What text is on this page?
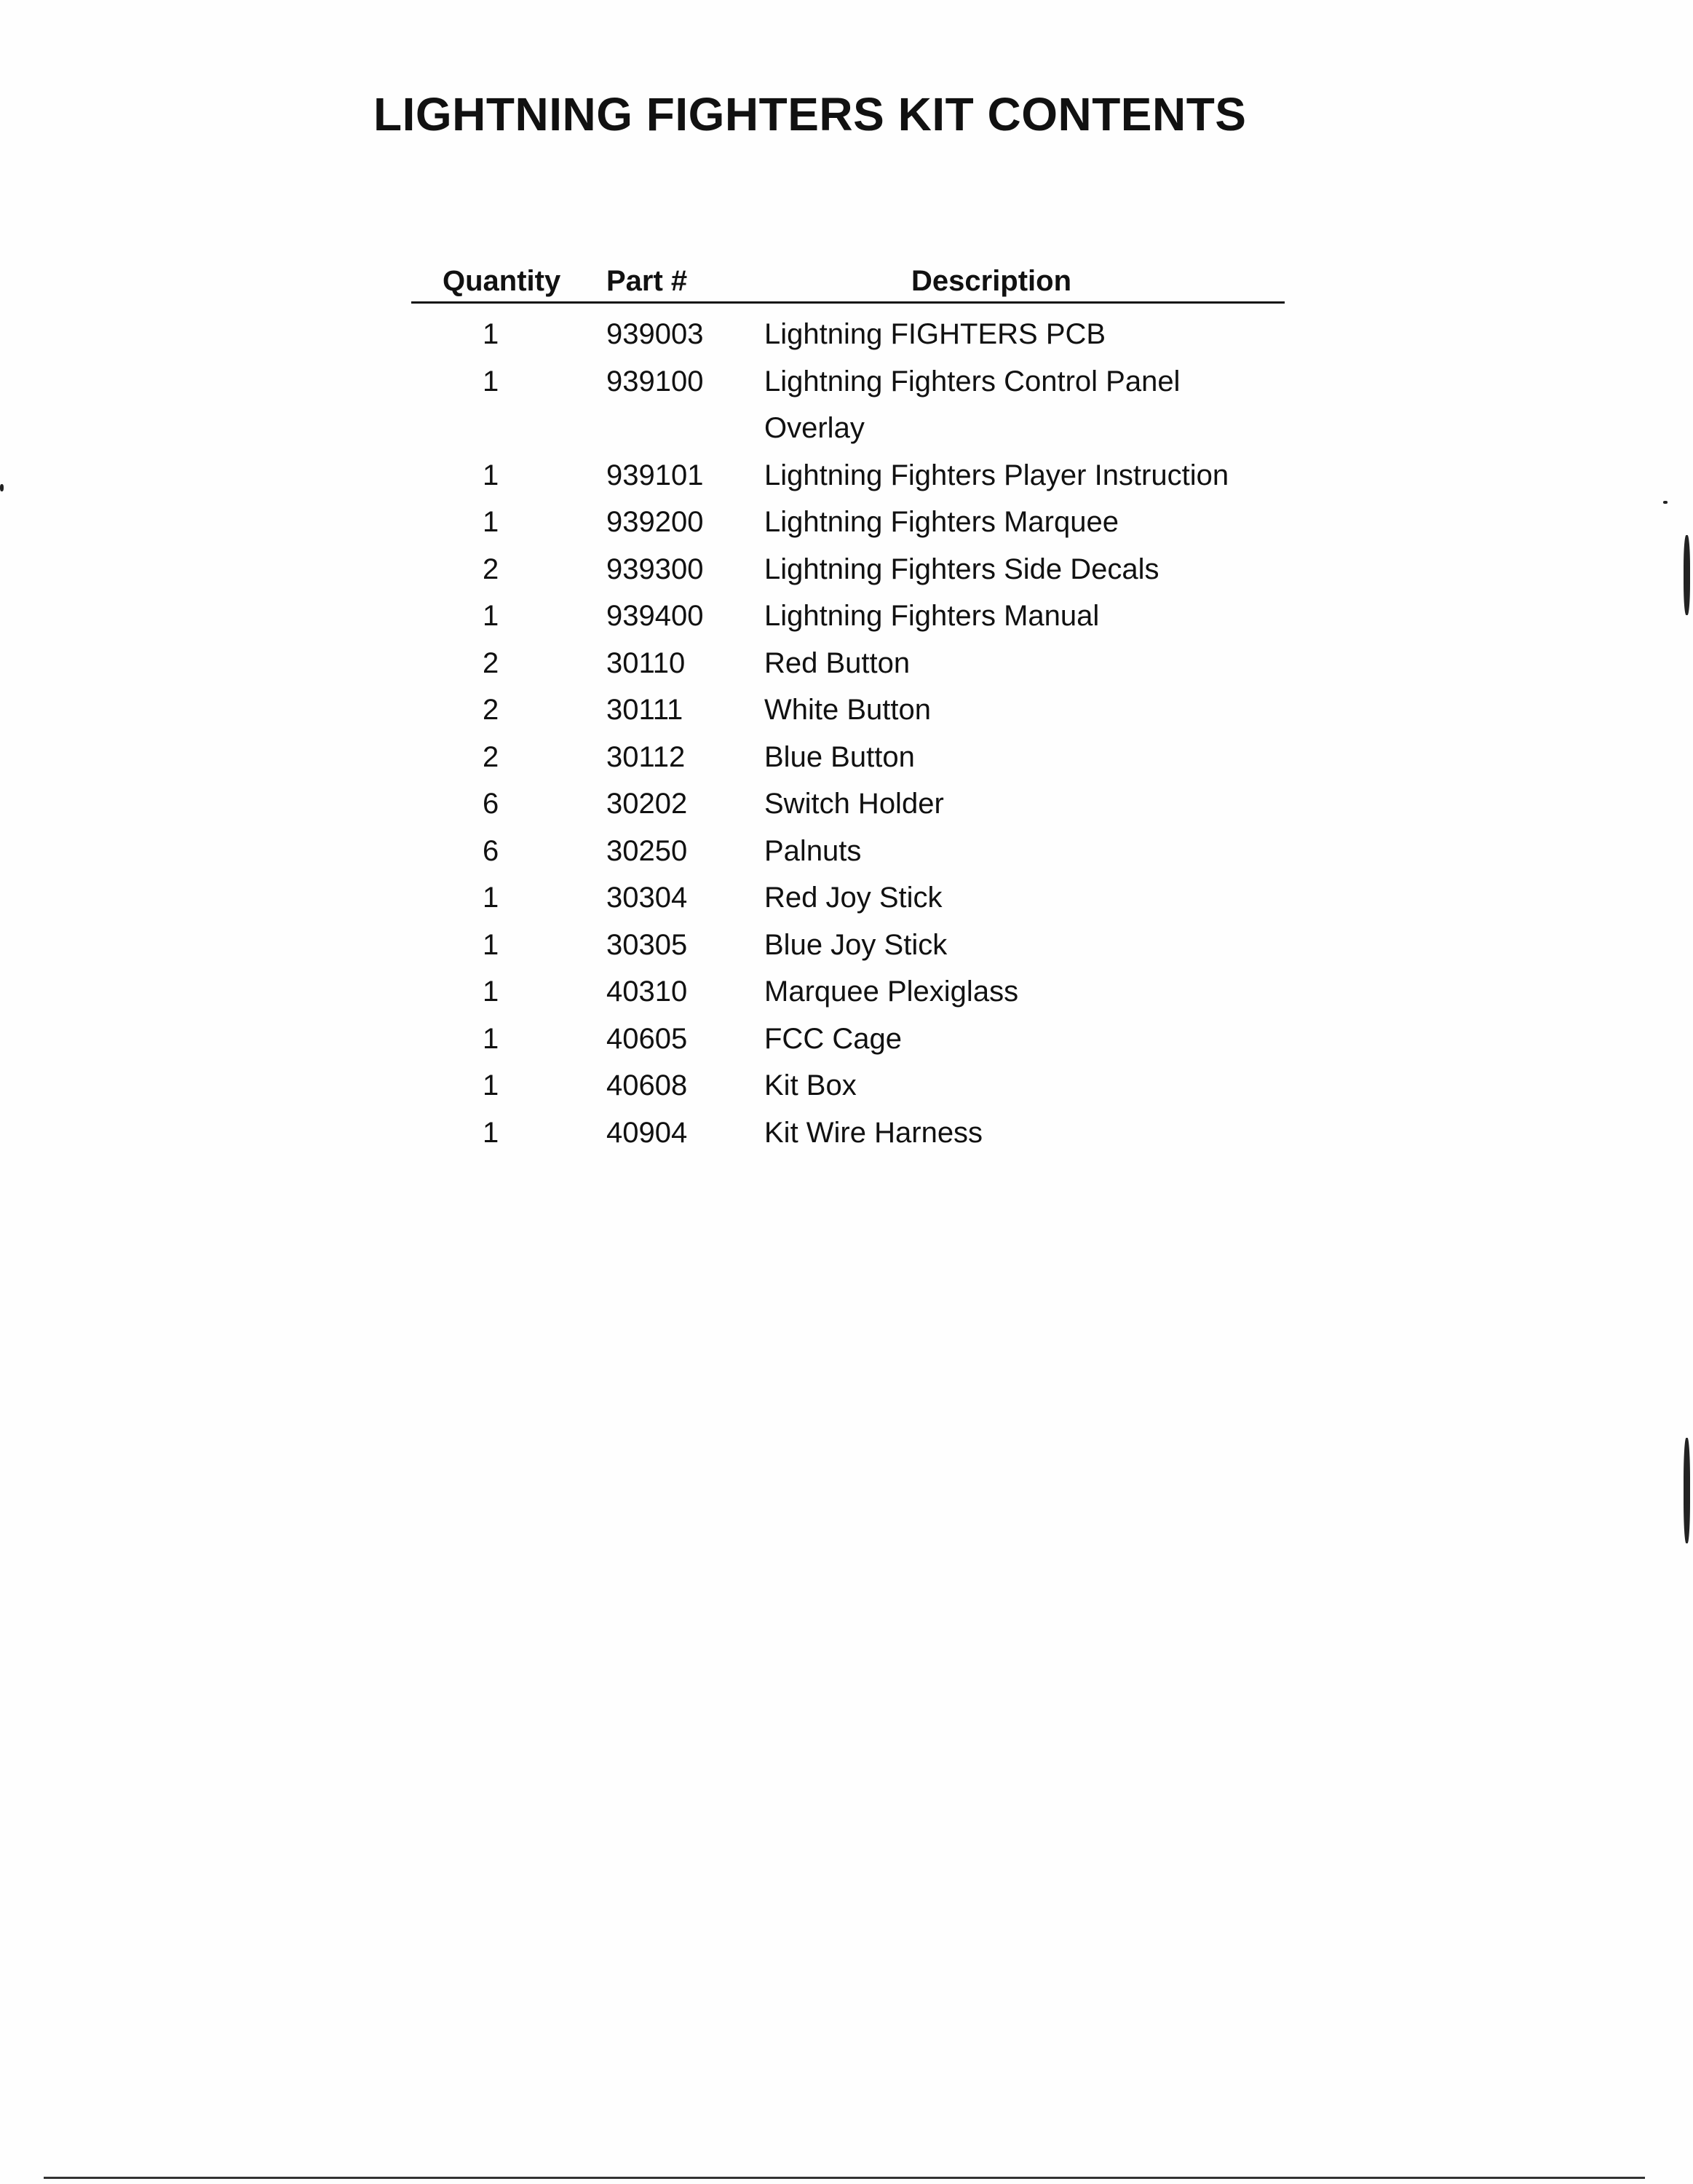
LIGHTNING FIGHTERS KIT CONTENTS
Quantity Part #	Description
1	939003 Lightning FIGHTERS PCB
1	939100 Lightning Fighters Control Panel Overlay
1	939101 Lightning Fighters Player Instruction
1	939200 Lightning Fighters Marquee
2	939300 Lightning Fighters Side Decals
1	939400 Lightning Fighters Manual
2	30110	Red Button
2	30111	White Button
2	30112	Blue Button
6	30202	Switch Holder
6	30250	Palnuts
1	30304	Red Joy Stick
1	30305	Blue Joy Stick
1	40310	Marquee Plexiglass
1	40605	FCC Cage
1	40608	Kit Box
1	40904	Kit Wire Harness
